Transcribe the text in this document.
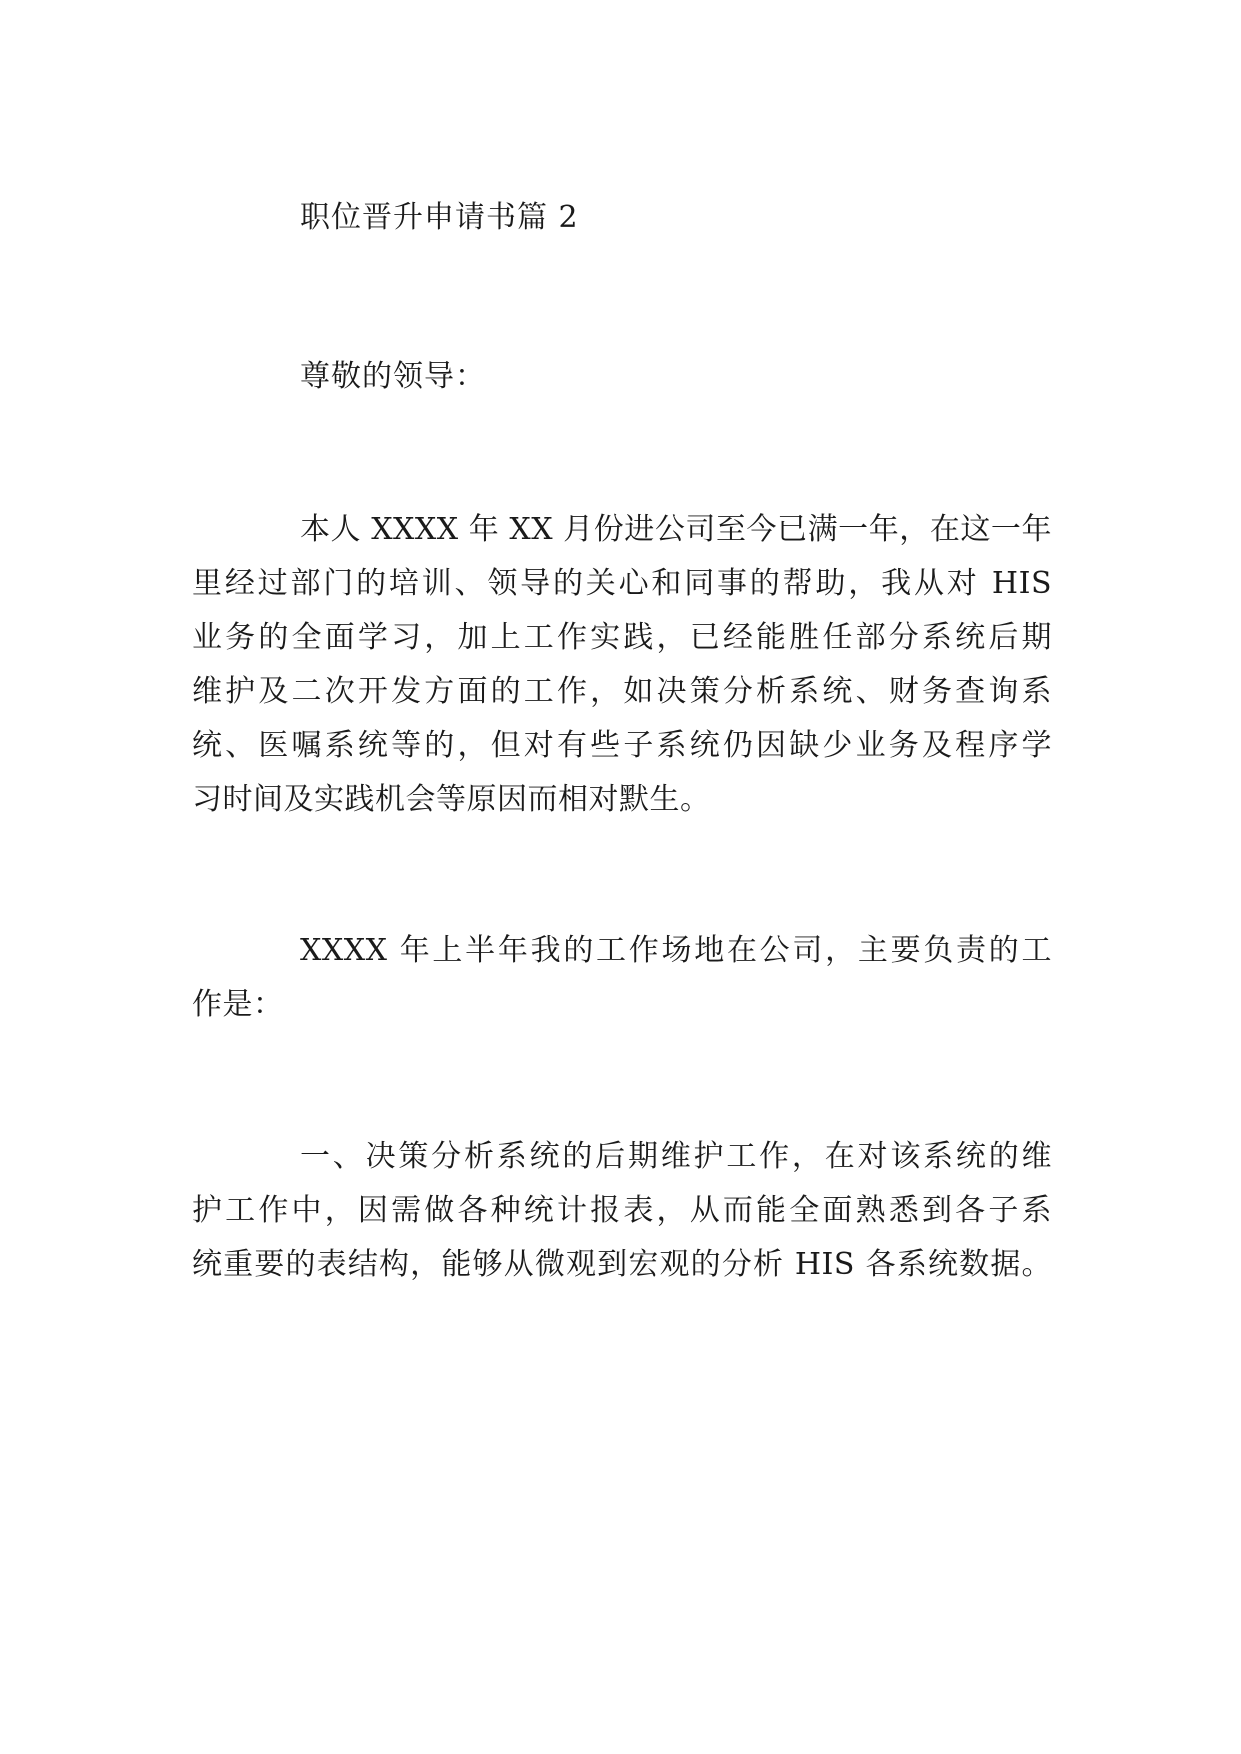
职位晋升申请书篇 2
尊敬的领导：
本人 XXXX 年 XX 月份进公司至今已满一年，在这一年
里经过部门的培训、领导的关心和同事的帮助，我从对 HIS
业务的全面学习，加上工作实践，已经能胜任部分系统后期
维护及二次开发方面的工作，如决策分析系统、财务查询系
统、医嘱系统等的，但对有些子系统仍因缺少业务及程序学
习时间及实践机会等原因而相对默生。
XXXX 年上半年我的工作场地在公司，主要负责的工
作是：
一、决策分析系统的后期维护工作，在对该系统的维
护工作中，因需做各种统计报表，从而能全面熟悉到各子系
统重要的表结构，能够从微观到宏观的分析 HIS 各系统数据。
